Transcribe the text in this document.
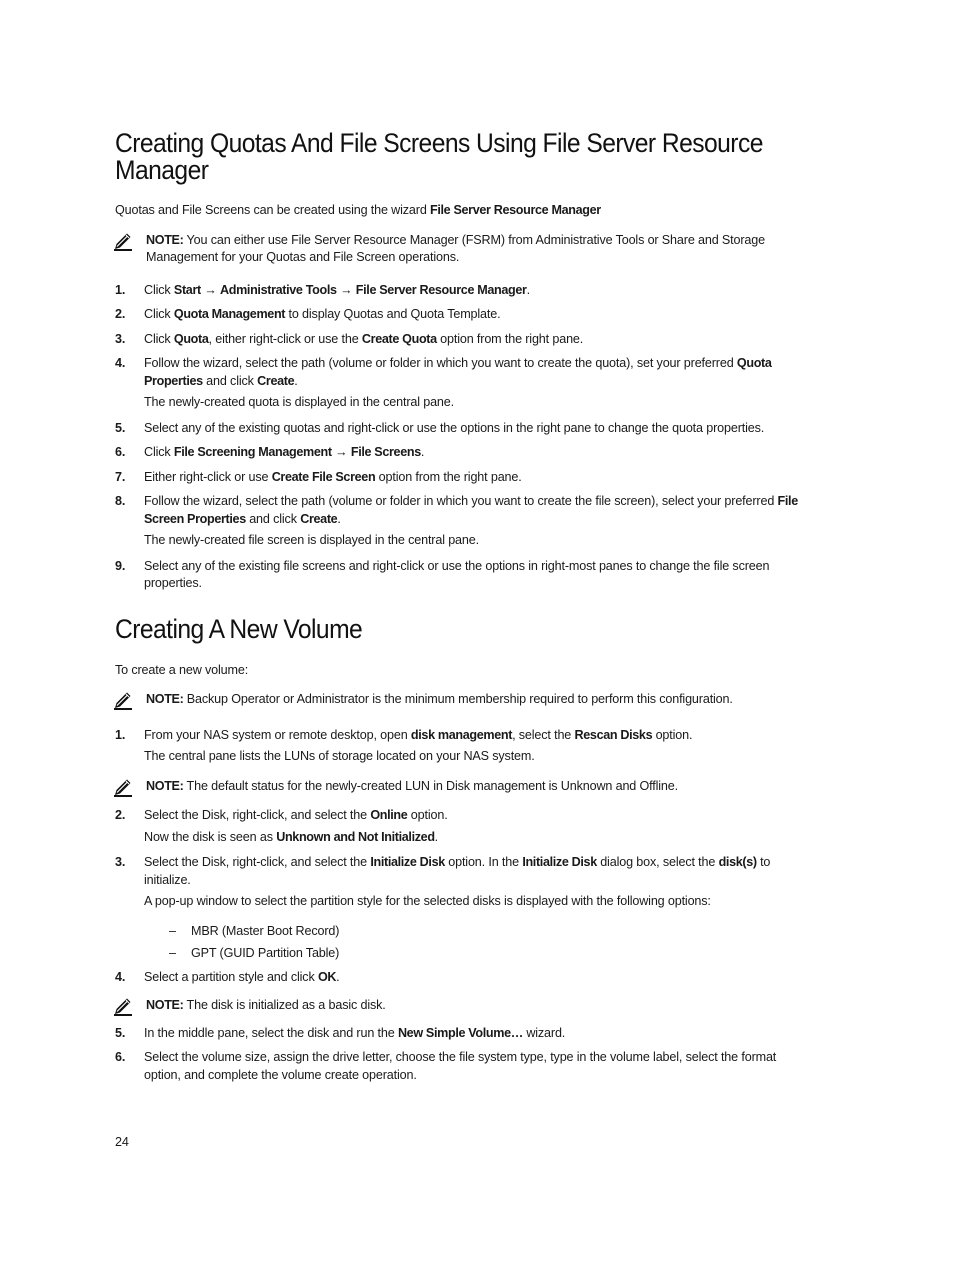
Creating Quotas And File Screens Using File Server Resource Manager

Quotas and File Screens can be created using the wizard File Server Resource Manager

NOTE: You can either use File Server Resource Manager (FSRM) from Administrative Tools or Share and Storage Management for your Quotas and File Screen operations.
1. Click Start → Administrative Tools → File Server Resource Manager.
2. Click Quota Management to display Quotas and Quota Template.
3. Click Quota, either right-click or use the Create Quota option from the right pane.
4. Follow the wizard, select the path (volume or folder in which you want to create the quota), set your preferred Quota Properties and click Create.
The newly-created quota is displayed in the central pane.
5. Select any of the existing quotas and right-click or use the options in the right pane to change the quota properties.
6. Click File Screening Management → File Screens.
7. Either right-click or use Create File Screen option from the right pane.
8. Follow the wizard, select the path (volume or folder in which you want to create the file screen), select your preferred File Screen Properties and click Create.
The newly-created file screen is displayed in the central pane.
9. Select any of the existing file screens and right-click or use the options in right-most panes to change the file screen properties.
Creating A New Volume

To create a new volume:

NOTE: Backup Operator or Administrator is the minimum membership required to perform this configuration.
1. From your NAS system or remote desktop, open disk management, select the Rescan Disks option.
The central pane lists the LUNs of storage located on your NAS system.
NOTE: The default status for the newly-created LUN in Disk management is Unknown and Offline.
2. Select the Disk, right-click, and select the Online option.
Now the disk is seen as Unknown and Not Initialized.
3. Select the Disk, right-click, and select the Initialize Disk option. In the Initialize Disk dialog box, select the disk(s) to initialize.
A pop-up window to select the partition style for the selected disks is displayed with the following options:
– MBR (Master Boot Record)
– GPT (GUID Partition Table)
4. Select a partition style and click OK.
NOTE: The disk is initialized as a basic disk.
5. In the middle pane, select the disk and run the New Simple Volume… wizard.
6. Select the volume size, assign the drive letter, choose the file system type, type in the volume label, select the format option, and complete the volume create operation.
24
